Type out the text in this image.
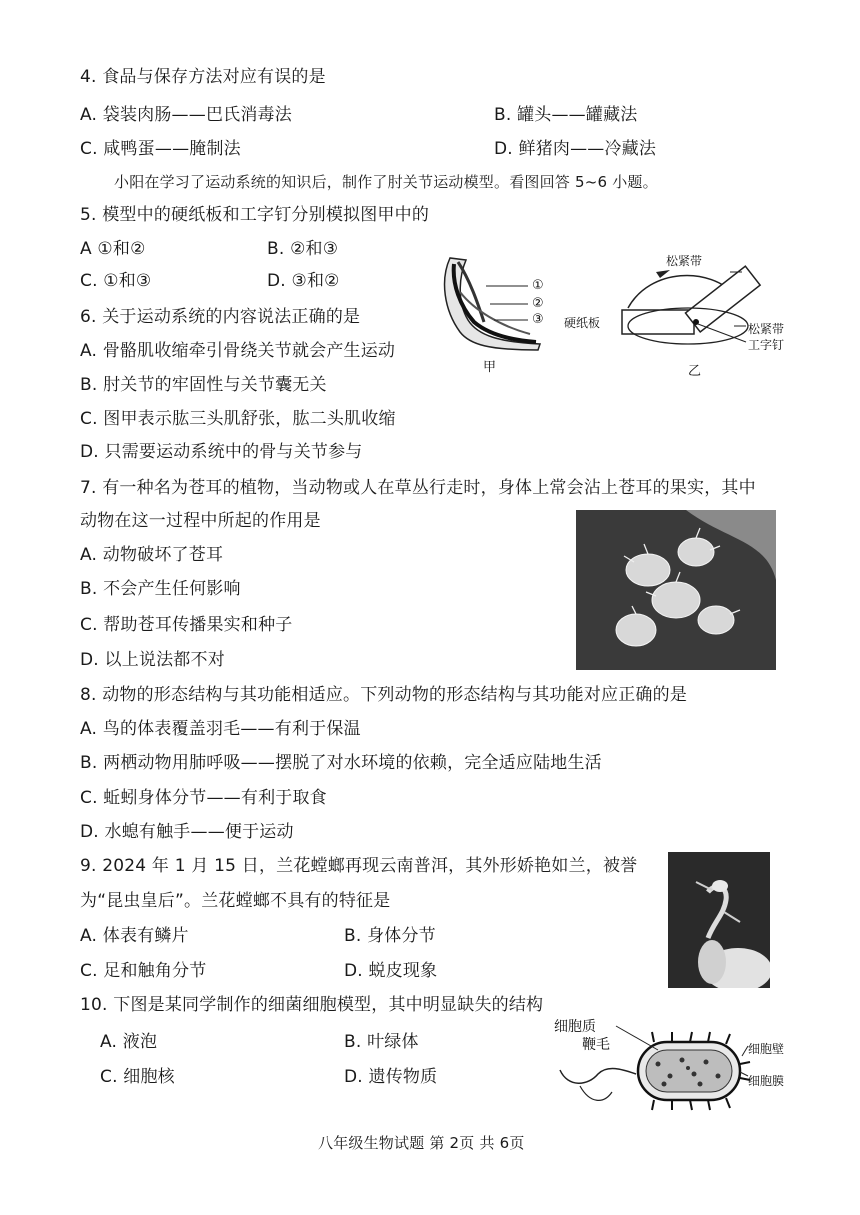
4. 食品与保存方法对应有误的是
A. 袋装肉肠——巴氏消毒法	B. 罐头——罐藏法
C. 咸鸭蛋——腌制法	D. 鲜猪肉——冷藏法
小阳在学习了运动系统的知识后，制作了肘关节运动模型。看图回答 5~6 小题。
5. 模型中的硬纸板和工字钉分别模拟图甲中的
A ①和②	B. ②和③
C. ①和③	D. ③和②	①
②
③
甲
松紧带
硬纸板	松紧带
工字钉
乙
6. 关于运动系统的内容说法正确的是
A. 骨骼肌收缩牵引骨绕关节就会产生运动
B. 肘关节的牢固性与关节囊无关
C. 图甲表示肱三头肌舒张，肱二头肌收缩
D. 只需要运动系统中的骨与关节参与
7. 有一种名为苍耳的植物，当动物或人在草丛行走时，身体上常会沾上苍耳的果实，其中
动物在这一过程中所起的作用是
A. 动物破坏了苍耳
B. 不会产生任何影响
C. 帮助苍耳传播果实和种子
D. 以上说法都不对
8. 动物的形态结构与其功能相适应。下列动物的形态结构与其功能对应正确的是
A. 鸟的体表覆盖羽毛——有利于保温
B. 两栖动物用肺呼吸——摆脱了对水环境的依赖，完全适应陆地生活
C. 蚯蚓身体分节——有利于取食
D. 水螅有触手——便于运动
9. 2024 年 1 月 15 日，兰花螳螂再现云南普洱，其外形娇艳如兰，被誉
为“昆虫皇后”。兰花螳螂不具有的特征是
A. 体表有鳞片	B. 身体分节
C. 足和触角分节	D. 蜕皮现象
10. 下图是某同学制作的细菌细胞模型，其中明显缺失的结构
A. 液泡	B. 叶绿体
C. 细胞核	D. 遗传物质
细胞质
鞭毛	细胞壁
细胞膜
八年级生物试题 第 2页 共 6页
